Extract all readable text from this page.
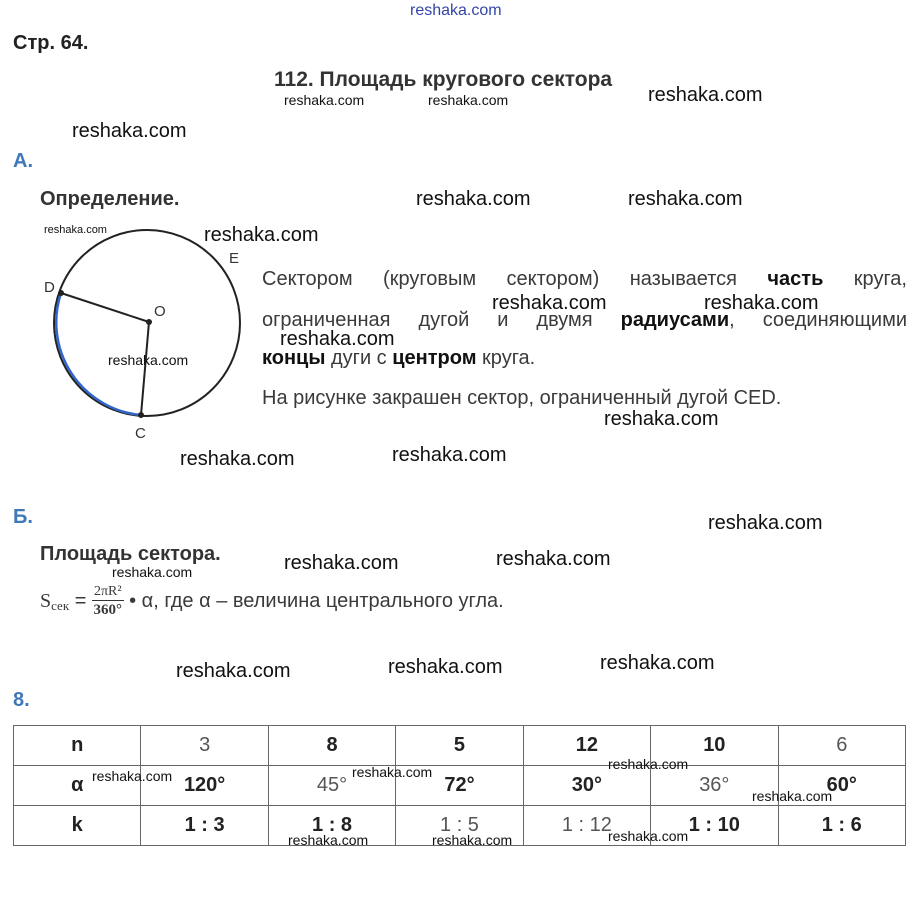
reshaka.com
Стр. 64.
112. Площадь кругового сектора
А.
Определение.
D
O
E
C
Сектором (круговым сектором) называется часть круга,
ограниченная дугой и двумя радиусами, соединяющими
концы дуги с центром круга.
На рисунке закрашен сектор, ограниченный дугой CED.
Б.
Площадь сектора.
Sсек = $\frac{\text{2πR²}}{360^\circ}$ • α, где α – величина центрального угла.
8.
n	3	8	5	12	10	6
α	120°	45°	72°	30°	36°	60°
k	1 : 3	1 : 8	1 : 5	1 : 12	1 : 10	1 : 6
reshaka.com
reshaka.com
reshaka.com	reshaka.com
reshaka.com
reshaka.com	reshaka.com
reshaka.com
reshaka.com
reshaka.com	reshaka.com
reshaka.com
reshaka.com	reshaka.com
reshaka.com	reshaka.com	reshaka.com
reshaka.com	reshaka.com
reshaka.com
reshaka.com
reshaka.com
reshaka.com	reshaka.com	reshaka.com
reshaka.com
reshaka.com	reshaka.com	reshaka.com
